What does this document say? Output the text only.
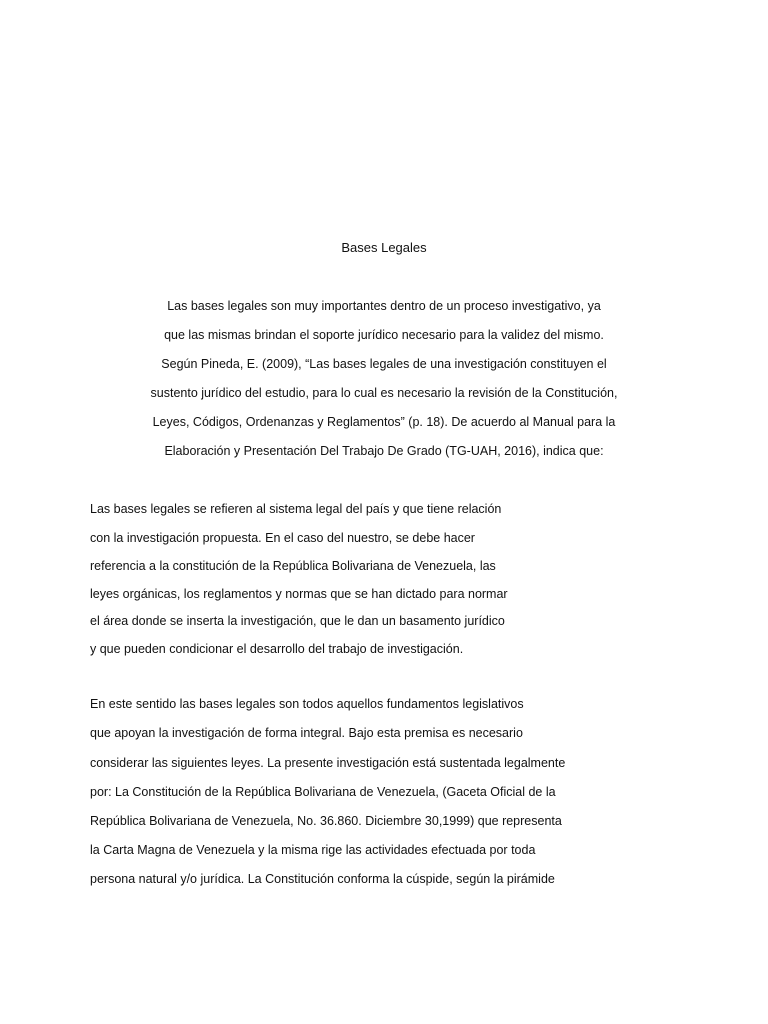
Bases Legales

Las bases legales son muy importantes dentro de un proceso investigativo, ya

que las mismas brindan el soporte jurídico necesario para la validez del mismo.

Según Pineda, E. (2009), “Las bases legales de una investigación constituyen el

sustento jurídico del estudio, para lo cual es necesario la revisión de la Constitución,

Leyes, Códigos, Ordenanzas y Reglamentos” (p. 18). De acuerdo al Manual para la

Elaboración y Presentación Del Trabajo De Grado (TG-UAH, 2016), indica que:

Las bases legales se refieren al sistema legal del país y que tiene relación

con la investigación propuesta. En el caso del nuestro, se debe hacer

referencia a la constitución de la República Bolivariana de Venezuela, las

leyes orgánicas, los reglamentos y normas que se han dictado para normar

el área donde se inserta la investigación, que le dan un basamento jurídico

y que pueden condicionar el desarrollo del trabajo de investigación.

En este sentido las bases legales son todos aquellos fundamentos legislativos

que apoyan la investigación de forma integral. Bajo esta premisa es necesario

considerar las siguientes leyes. La presente investigación está sustentada legalmente

por: La Constitución de la República Bolivariana de Venezuela, (Gaceta Oficial de la

República Bolivariana de Venezuela, No. 36.860. Diciembre 30,1999) que representa

la Carta Magna de Venezuela y la misma rige las actividades efectuada por toda

persona natural y/o jurídica. La Constitución conforma la cúspide, según la pirámide
